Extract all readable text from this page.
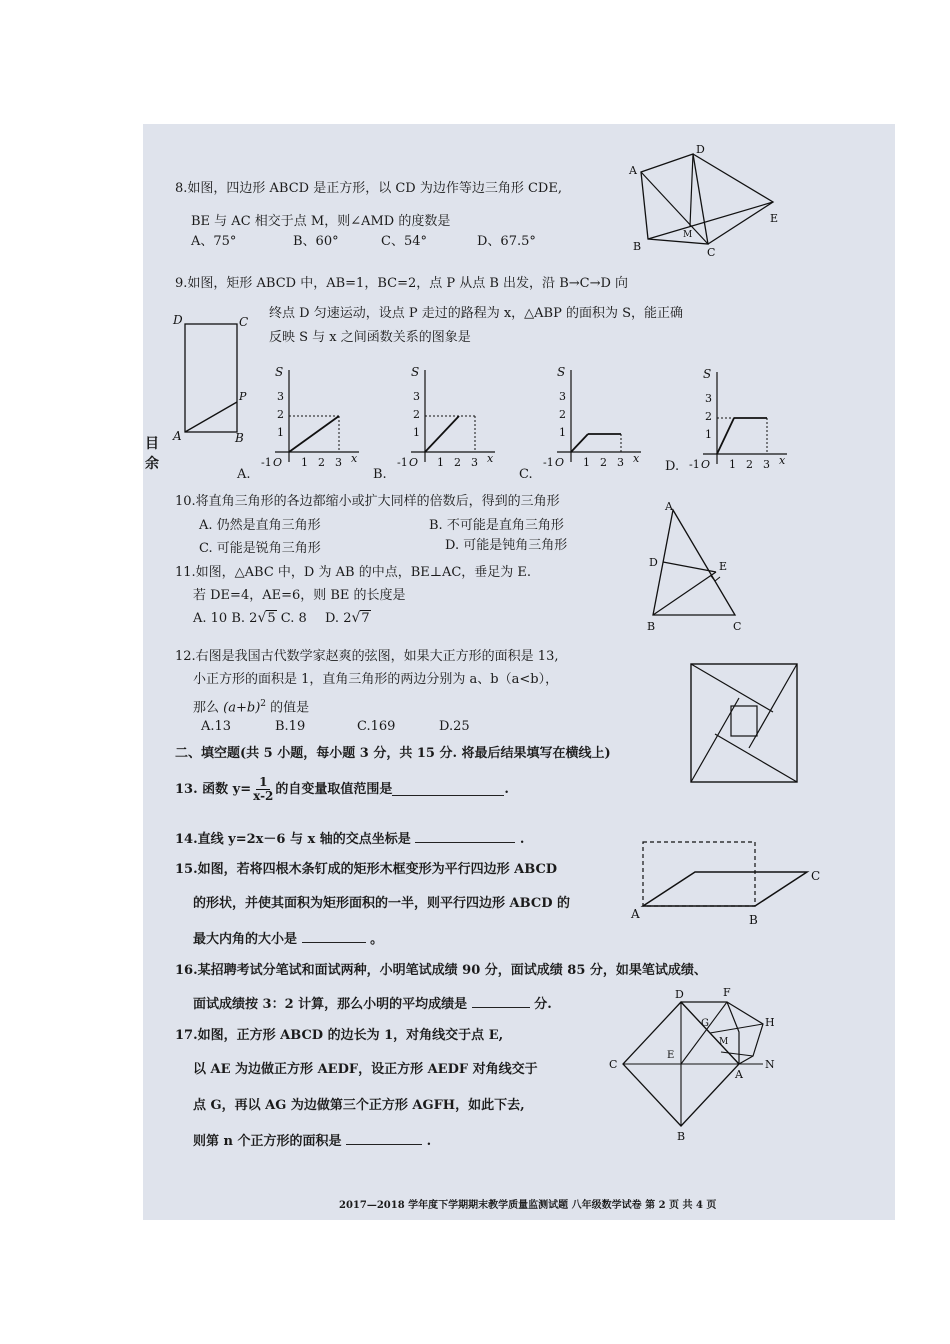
目
余
8.如图，四边形 ABCD 是正方形，以 CD 为边作等边三角形 CDE,
BE 与 AC 相交于点 M，则∠AMD 的度数是
A、75°	B、60°	C、54°	D、67.5°
A
D
E
B	C
M
9.如图，矩形 ABCD 中，AB=1，BC=2，点 P 从点 B 出发，沿 B→C→D 向
终点 D 匀速运动，设点 P 走过的路程为 x，△ABP 的面积为 S，能正确
反映 S 与 x 之间函数关系的图象是
D	C
P
A	B
S
3
2
1
-1 O 1 2 3 x
A.
S
3
2
1
-1 O 1 2 3 x
B.
S
3
2
1
-1 O 1 2 3 x
C.
S
3
2
1
-1 O 1 2 3 x
D.
10.将直角三角形的各边都缩小或扩大同样的倍数后，得到的三角形
A. 仍然是直角三角形	B. 不可能是直角三角形
C. 可能是锐角三角形	D. 可能是钝角三角形
11.如图，△ABC 中，D 为 AB 的中点，BE⊥AC，垂足为 E.
若 DE=4，AE=6，则 BE 的长度是
A. 10 B. 2√5 C. 8 D. 2√7
A
D	E
B	C
12.右图是我国古代数学家赵爽的弦图，如果大正方形的面积是 13,
小正方形的面积是 1，直角三角形的两边分别为 a、b（a<b），
那么 $(a+b)^2$ 的值是
A.13	B.19	C.169	D.25
二、填空题(共 5 小题，每小题 3 分，共 15 分. 将最后结果填写在横线上)
13. 函数 $y= \frac{1}{x-2}$ 的自变量取值范围是	.
14.直线 y=2x－6 与 x 轴的交点坐标是	.
15.如图，若将四根木条钉成的矩形木框变形为平行四边形 ABCD
的形状，并使其面积为矩形面积的一半，则平行四边形 ABCD 的
最大内角的大小是	。
A	B
C
16.某招聘考试分笔试和面试两种，小明笔试成绩 90 分，面试成绩 85 分，如果笔试成绩、
面试成绩按 3：2 计算，那么小明的平均成绩是	分.
17.如图，正方形 ABCD 的边长为 1，对角线交于点 E,
以 AE 为边做正方形 AEDF，设正方形 AEDF 对角线交于
点 G，再以 AG 为边做第三个正方形 AGFH，如此下去,
则第 n 个正方形的面积是	.
D	F
G	H
M
E
C
A
N
B
2017—2018 学年度下学期期末教学质量监测试题 八年级数学试卷 第 2 页 共 4 页
